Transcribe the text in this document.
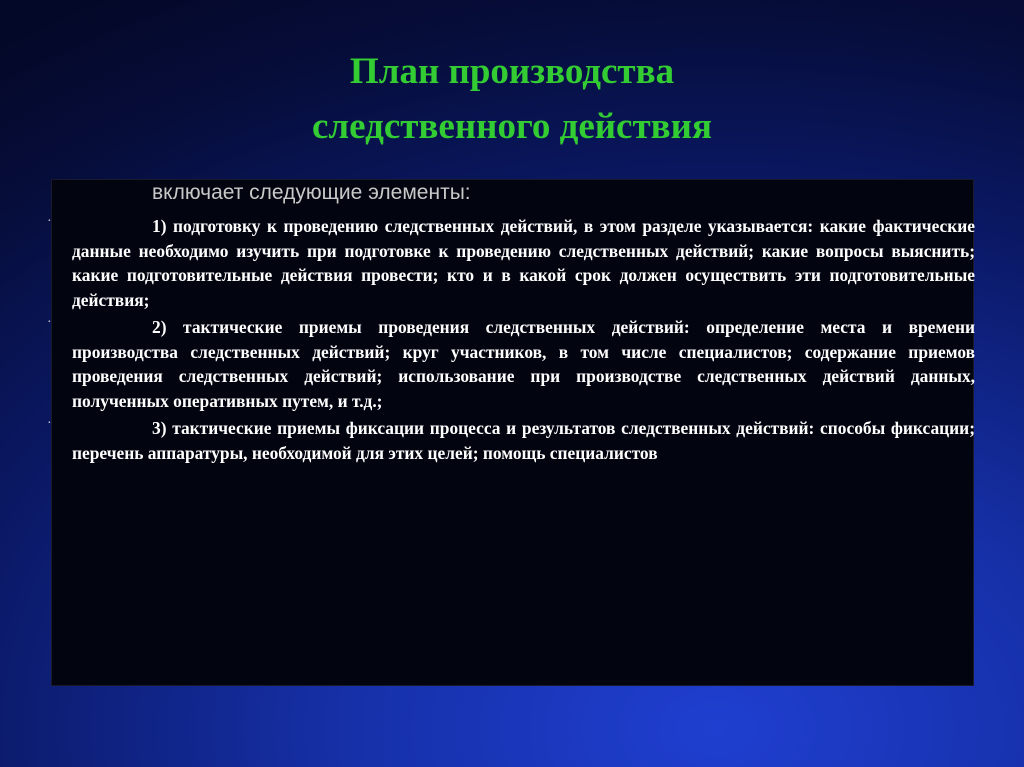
План производства
следственного действия
включает следующие элементы:
·	1) подготовку к проведению следственных действий, в этом разделе указывается: какие фактические данные необходимо изучить при подготовке к проведению следственных действий; какие вопросы выяснить; какие подготовительные действия провести; кто и в какой срок должен осуществить эти подготовительные действия;
·	2) тактические приемы проведения следственных действий: определение места и времени производства следственных действий; круг участников, в том числе специалистов; содержание приемов проведения следственных действий; использование при производстве следственных действий данных, полученных оперативных путем, и т.д.;
·	3) тактические приемы фиксации процесса и результатов следственных действий: способы фиксации; перечень аппаратуры, необходимой для этих целей; помощь специалистов
